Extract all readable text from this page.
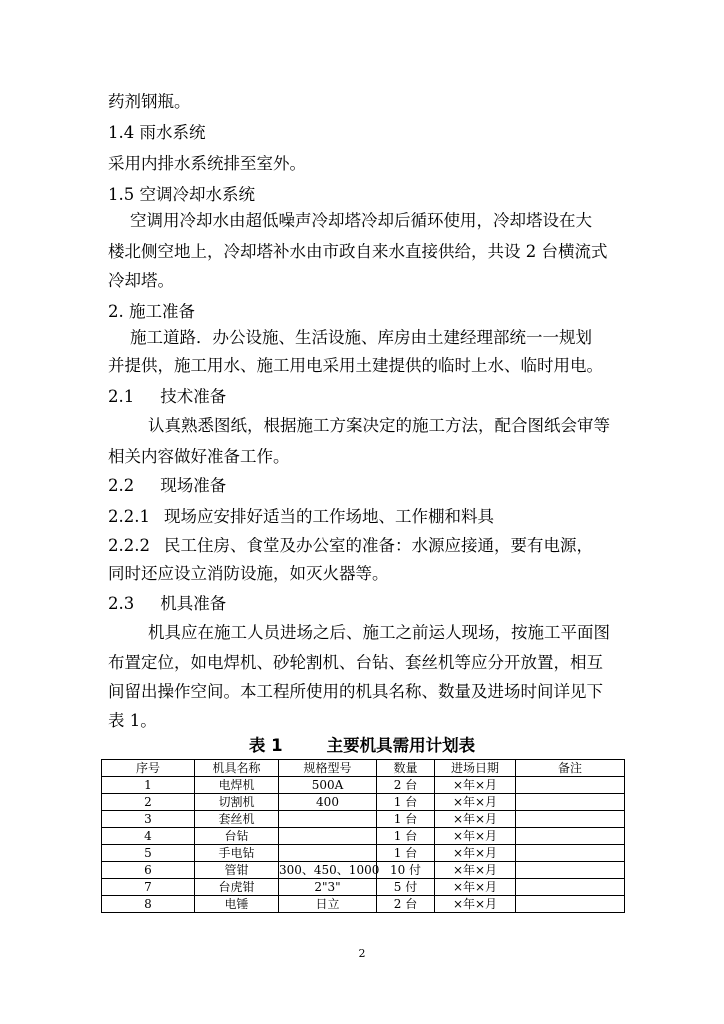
药剂钢瓶。
1.4 雨水系统
采用内排水系统排至室外。
1.5 空调冷却水系统
空调用冷却水由超低噪声冷却塔冷却后循环使用，冷却塔设在大
楼北侧空地上，冷却塔补水由市政自来水直接供给，共设 2 台横流式
冷却塔。
2. 施工准备
施工道路．办公设施、生活设施、库房由土建经理部统一一规划
并提供，施工用水、施工用电采用土建提供的临时上水、临时用电。
2.1 技术准备
认真熟悉图纸，根据施工方案决定的施工方法，配合图纸会审等
相关内容做好准备工作。
2.2 现场准备
2.2.1 现场应安排好适当的工作场地、工作棚和料具
2.2.2 民工住房、食堂及办公室的准备：水源应接通，要有电源，
同时还应设立消防设施，如灭火器等。
2.3 机具准备
机具应在施工人员进场之后、施工之前运人现场，按施工平面图
布置定位，如电焊机、砂轮割机、台钻、套丝机等应分开放置，相互
间留出操作空间。本工程所使用的机具名称、数量及进场时间详见下
表 1。
表 1	主要机具需用计划表
序号	机具名称	规格型号	数量	进场日期	备注
1	电焊机	500A	2 台	×年×月	
2	切割机	400	1 台	×年×月	
3	套丝机		1 台	×年×月	
4	台钻		1 台	×年×月	
5	手电钻		1 台	×年×月	
6	管钳	300、450、1000	10 付	×年×月	
7	台虎钳	2"3"	5 付	×年×月	
8	电锤	日立	2 台	×年×月	
2
